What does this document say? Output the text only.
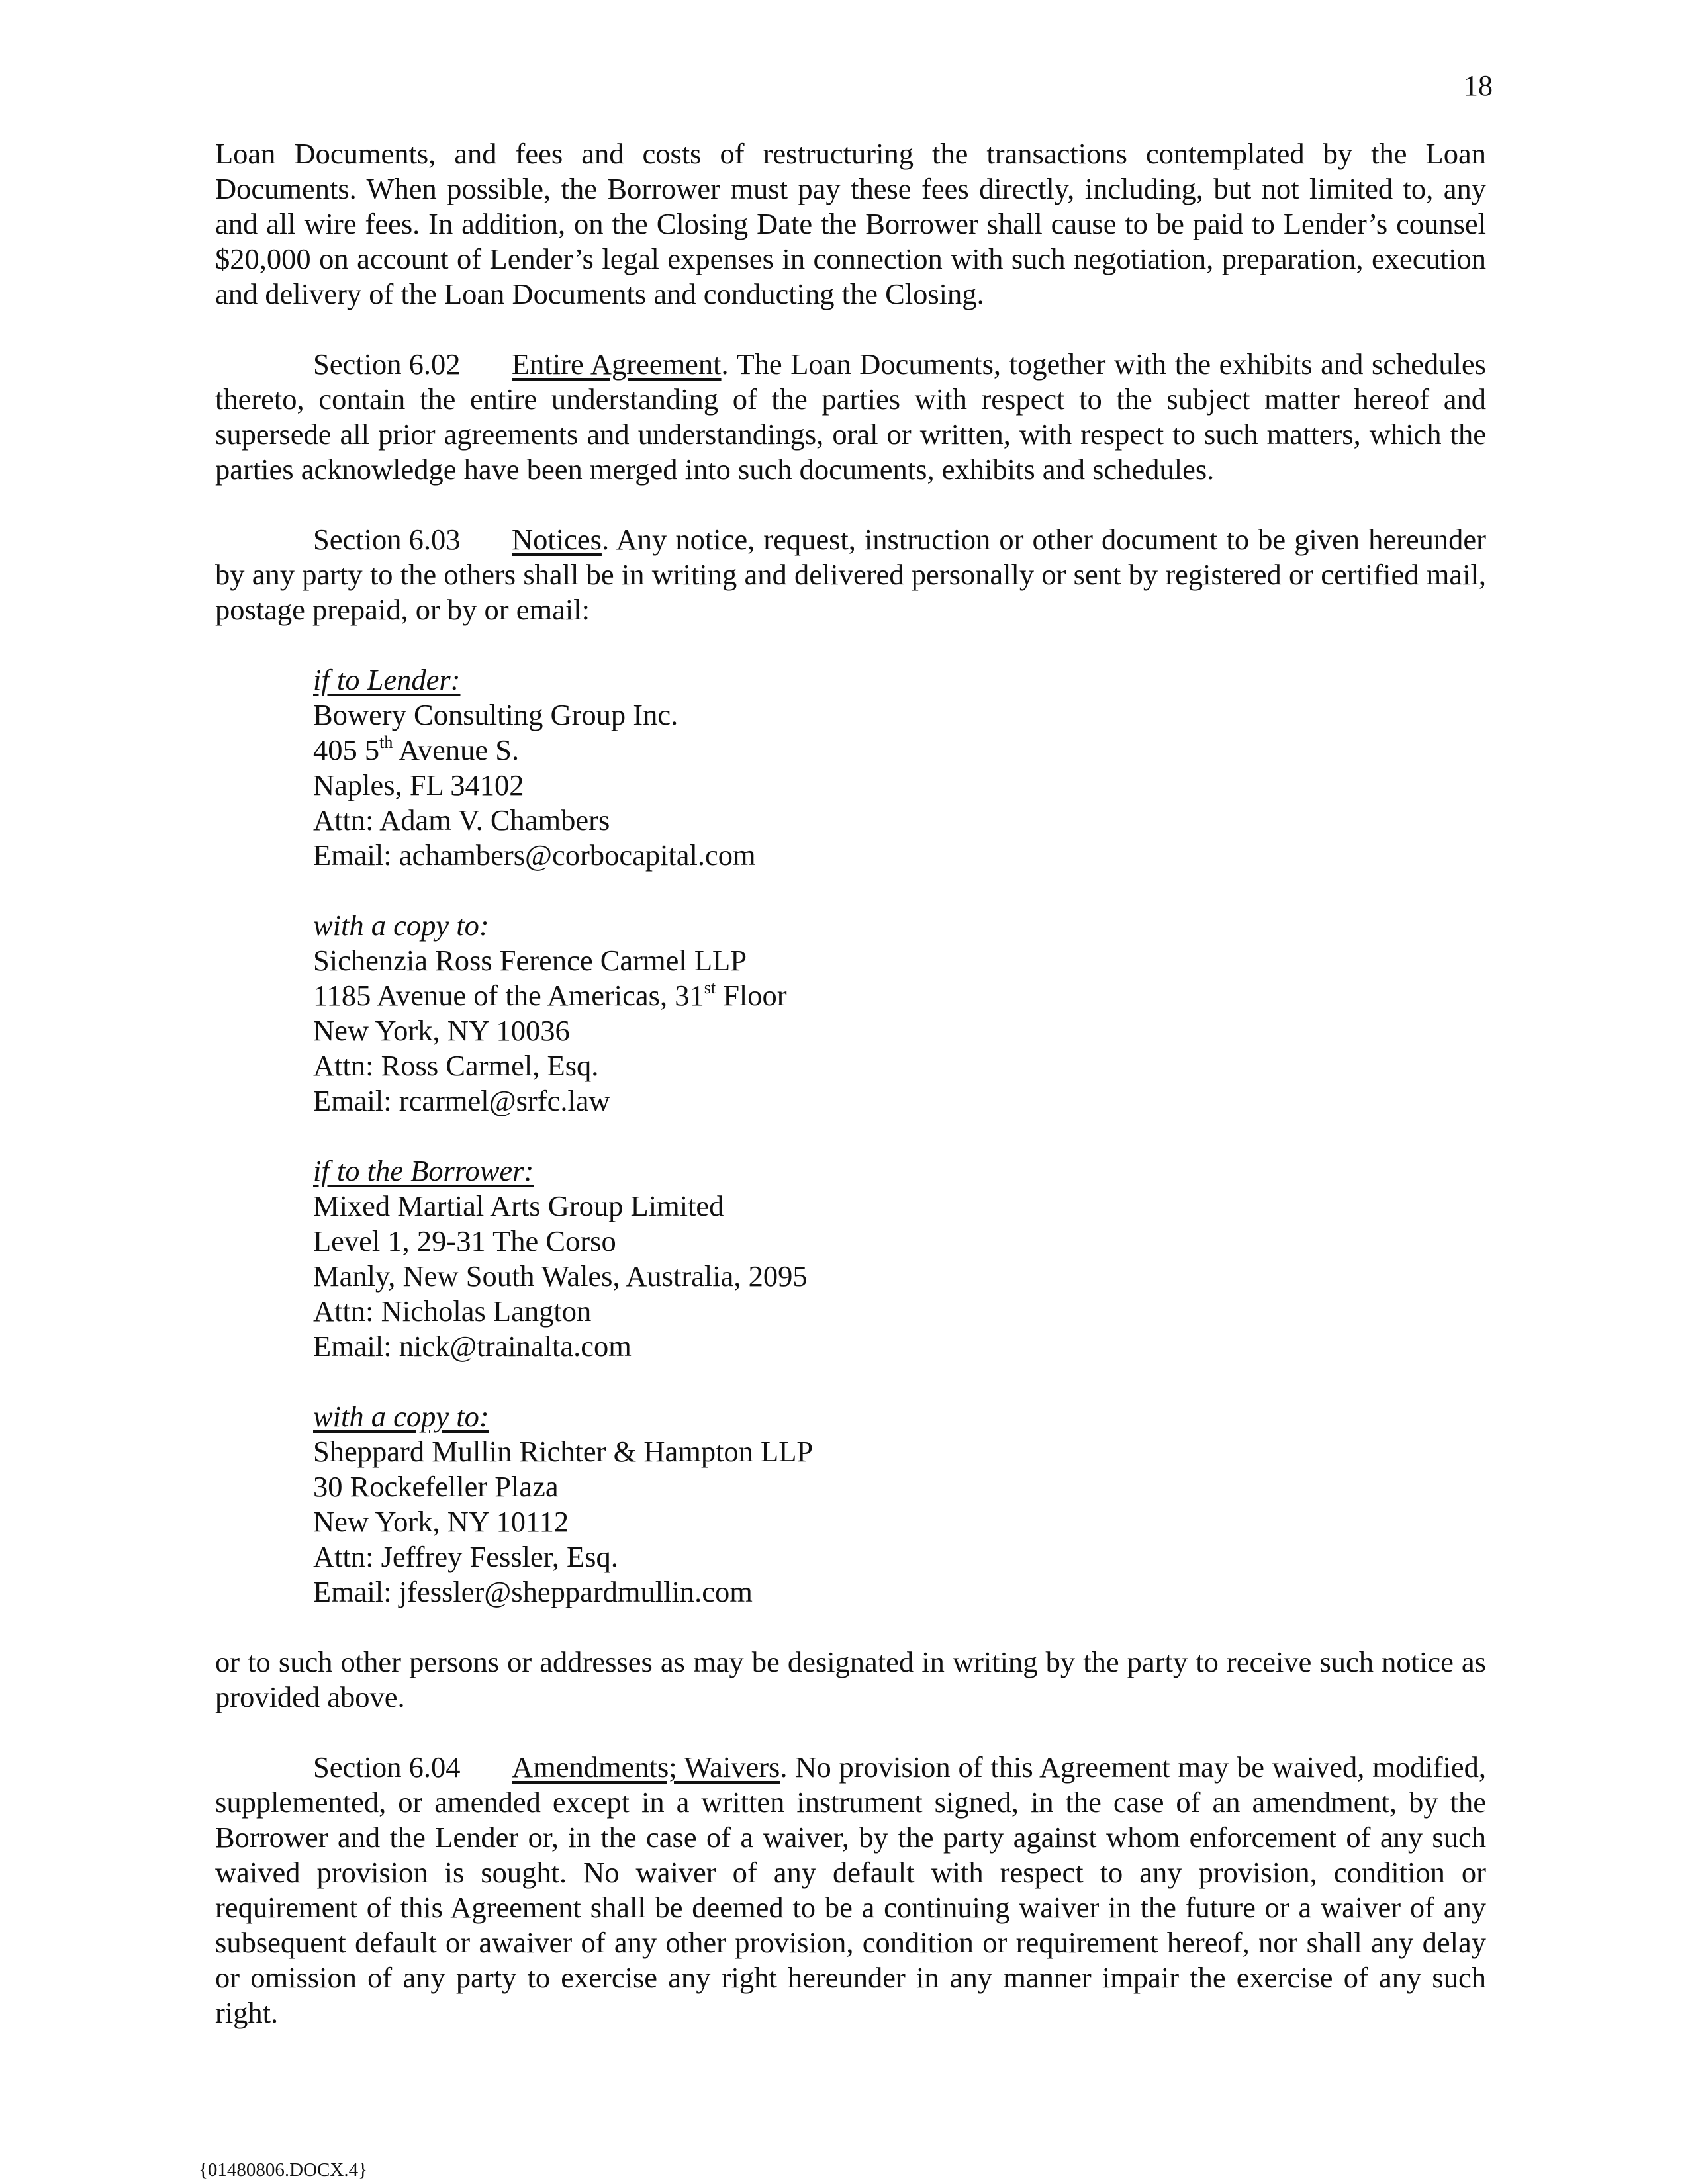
18

Loan Documents, and fees and costs of restructuring the transactions contemplated by the Loan Documents. When possible, the Borrower must pay these fees directly, including, but not limited to, any and all wire fees. In addition, on the Closing Date the Borrower shall cause to be paid to Lender’s counsel $20,000 on account of Lender’s legal expenses in connection with such negotiation, preparation, execution and delivery of the Loan Documents and conducting the Closing.

Section 6.02 Entire Agreement. The Loan Documents, together with the exhibits and schedules thereto, contain the entire understanding of the parties with respect to the subject matter hereof and supersede all prior agreements and understandings, oral or written, with respect to such matters, which the parties acknowledge have been merged into such documents, exhibits and schedules.

Section 6.03 Notices. Any notice, request, instruction or other document to be given hereunder by any party to the others shall be in writing and delivered personally or sent by registered or certified mail, postage prepaid, or by or email:

if to Lender:
Bowery Consulting Group Inc.
405 5th Avenue S.
Naples, FL 34102
Attn: Adam V. Chambers
Email: achambers@corbocapital.com
with a copy to:
Sichenzia Ross Ference Carmel LLP
1185 Avenue of the Americas, 31st Floor
New York, NY 10036
Attn: Ross Carmel, Esq.
Email: rcarmel@srfc.law
if to the Borrower:
Mixed Martial Arts Group Limited
Level 1, 29-31 The Corso
Manly, New South Wales, Australia, 2095
Attn: Nicholas Langton
Email: nick@trainalta.com
with a copy to:
Sheppard Mullin Richter & Hampton LLP
30 Rockefeller Plaza
New York, NY 10112
Attn: Jeffrey Fessler, Esq.
Email: jfessler@sheppardmullin.com

or to such other persons or addresses as may be designated in writing by the party to receive such notice as provided above.

Section 6.04 Amendments; Waivers. No provision of this Agreement may be waived, modified, supplemented, or amended except in a written instrument signed, in the case of an amendment, by the Borrower and the Lender or, in the case of a waiver, by the party against whom enforcement of any such waived provision is sought. No waiver of any default with respect to any provision, condition or requirement of this Agreement shall be deemed to be a continuing waiver in the future or a waiver of any subsequent default or awaiver of any other provision, condition or requirement hereof, nor shall any delay or omission of any party to exercise any right hereunder in any manner impair the exercise of any such right.

{01480806.DOCX.4}
